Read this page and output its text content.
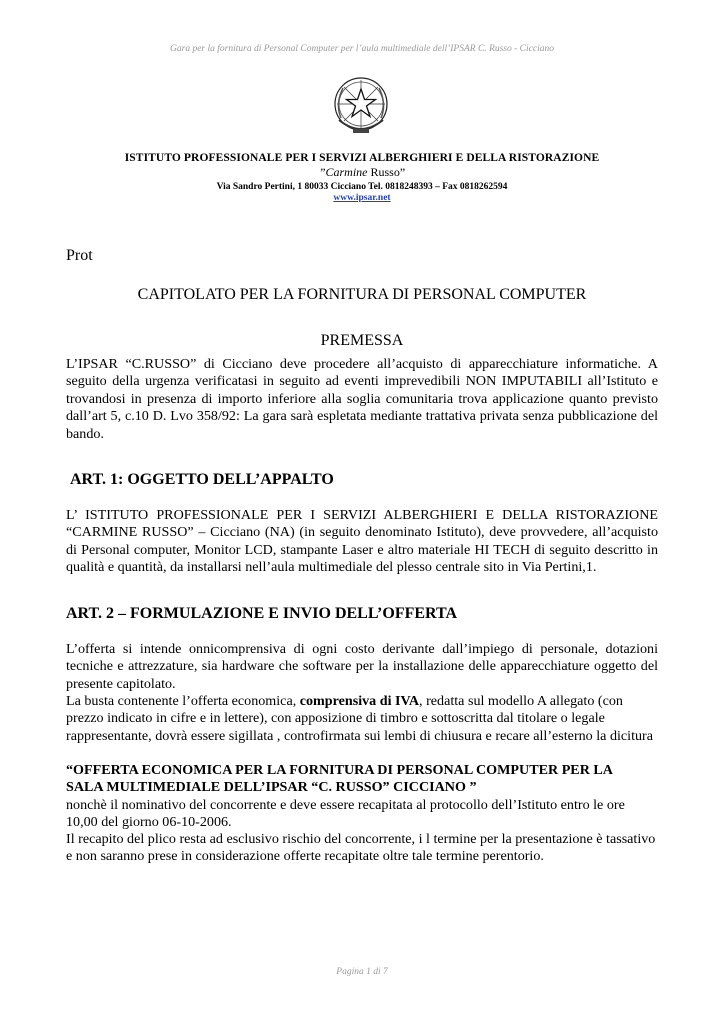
Gara per la fornitura di Personal Computer per l’aula multimediale dell’IPSAR C. Russo - Cicciano
ISTITUTO PROFESSIONALE PER I SERVIZI ALBERGHIERI E DELLA RISTORAZIONE
”Carmine Russo”
Via Sandro Pertini, 1 80033 Cicciano Tel. 0818248393 – Fax 0818262594
www.ipsar.net
Prot
CAPITOLATO PER LA FORNITURA DI PERSONAL COMPUTER
PREMESSA
L’IPSAR “C.RUSSO” di Cicciano deve procedere all’acquisto di apparecchiature informatiche. A seguito della urgenza verificatasi in seguito ad eventi imprevedibili NON IMPUTABILI all’Istituto e trovandosi in presenza di importo inferiore alla soglia comunitaria trova applicazione quanto previsto dall’art 5, c.10 D. Lvo 358/92: La gara sarà espletata mediante trattativa privata senza pubblicazione del bando.
ART. 1: OGGETTO DELL’APPALTO
L’ ISTITUTO PROFESSIONALE PER I SERVIZI ALBERGHIERI E DELLA RISTORAZIONE “CARMINE RUSSO” – Cicciano (NA) (in seguito denominato Istituto), deve provvedere, all’acquisto di Personal computer, Monitor LCD, stampante Laser e altro materiale HI TECH di seguito descritto in qualità e quantità, da installarsi nell’aula multimediale del plesso centrale sito in Via Pertini,1.
ART. 2 – FORMULAZIONE E INVIO DELL’OFFERTA
L’offerta si intende onnicomprensiva di ogni costo derivante dall’impiego di personale, dotazioni tecniche e attrezzature, sia hardware che software per la installazione delle apparecchiature oggetto del presente capitolato.
La busta contenente l’offerta economica, comprensiva di IVA, redatta sul modello A allegato (con prezzo indicato in cifre e in lettere), con apposizione di timbro e sottoscritta dal titolare o legale rappresentante, dovrà essere sigillata , controfirmata sui lembi di chiusura e recare all’esterno la dicitura
“OFFERTA ECONOMICA PER LA FORNITURA DI PERSONAL COMPUTER PER LA
SALA MULTIMEDIALE DELL’IPSAR “C. RUSSO” CICCIANO ”
nonchè il nominativo del concorrente e deve essere recapitata al protocollo dell’Istituto entro le ore 10,00 del giorno 06-10-2006.
Il recapito del plico resta ad esclusivo rischio del concorrente, i l termine per la presentazione è tassativo e non saranno prese in considerazione offerte recapitate oltre tale termine perentorio.
Pagina 1 di 7
